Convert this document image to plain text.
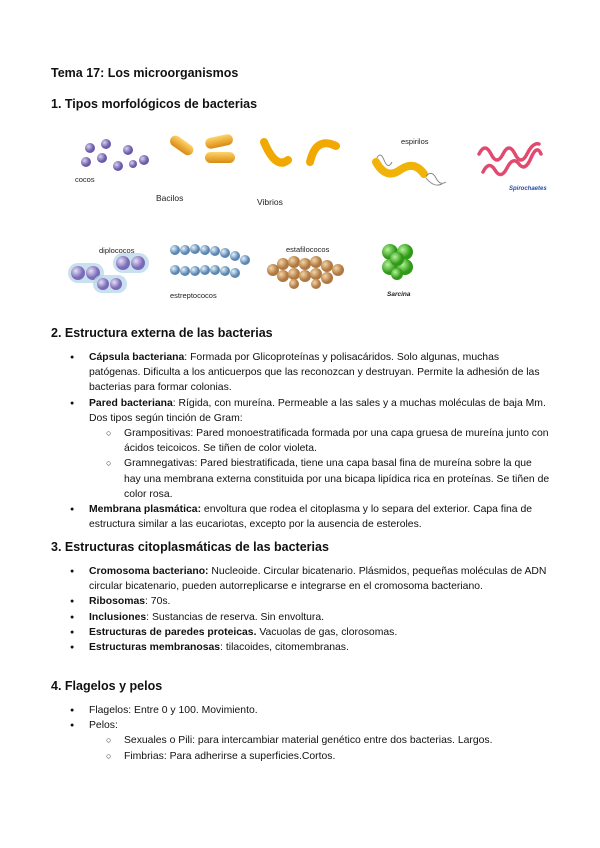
Tema 17: Los microorganismos
1. Tipos morfológicos de bacterias
cocos
Bacilos	Vibrios
espirilos
Spirochaetes
diplococos
estreptococos
estafilococos
Sarcina
2. Estructura externa de las bacterias
● Cápsula bacteriana: Formada por Glicoproteínas y polisacáridos. Solo algunas, muchas patógenas. Dificulta a los anticuerpos que las reconozcan y destruyan. Permite la adhesión de las bacterias para formar colonias.
● Pared bacteriana: Rígida, con mureína. Permeable a las sales y a muchas moléculas de baja Mm. Dos tipos según tinción de Gram:
○ Grampositivas: Pared monoestratificada formada por una capa gruesa de mureína junto con ácidos teicoicos. Se tiñen de color violeta.
○ Gramnegativas: Pared biestratificada, tiene una capa basal fina de mureína sobre la que hay una membrana externa constituida por una bicapa lipídica rica en proteínas. Se tiñen de color rosa.
● Membrana plasmática: envoltura que rodea el citoplasma y lo separa del exterior. Capa fina de estructura similar a las eucariotas, excepto por la ausencia de esteroles.
3. Estructuras citoplasmáticas de las bacterias
● Cromosoma bacteriano: Nucleoide. Circular bicatenario. Plásmidos, pequeñas moléculas de ADN circular bicatenario, pueden autorreplicarse e integrarse en el cromosoma bacteriano.
● Ribosomas: 70s.
● Inclusiones: Sustancias de reserva. Sin envoltura.
● Estructuras de paredes proteicas. Vacuolas de gas, clorosomas.
● Estructuras membranosas: tilacoides, citomembranas.
4. Flagelos y pelos
● Flagelos: Entre 0 y 100. Movimiento.
● Pelos:
○ Sexuales o Pili: para intercambiar material genético entre dos bacterias. Largos.
○ Fimbrias: Para adherirse a superficies.Cortos.
